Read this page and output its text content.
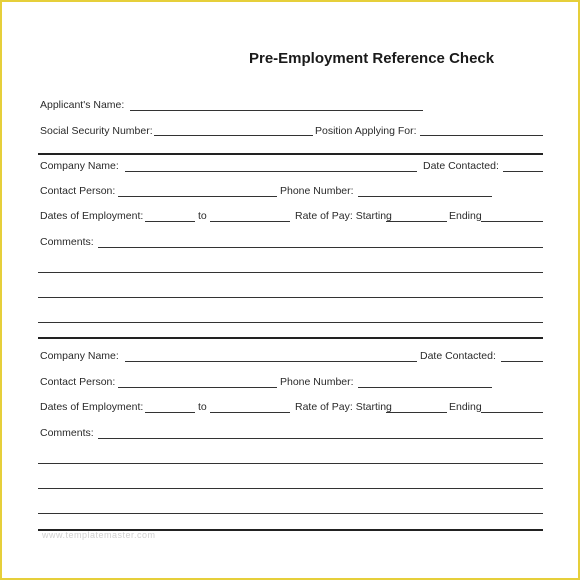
Pre-Employment Reference Check
Applicant's Name:
Social Security Number:	Position Applying For:
Company Name:	Date Contacted:
Contact Person:	Phone Number:
Dates of Employment:	to	Rate of Pay: Starting	Ending
Comments:
Company Name:	Date Contacted:
Contact Person:	Phone Number:
Dates of Employment:	to	Rate of Pay: Starting	Ending
Comments:
www.templatemaster.com
